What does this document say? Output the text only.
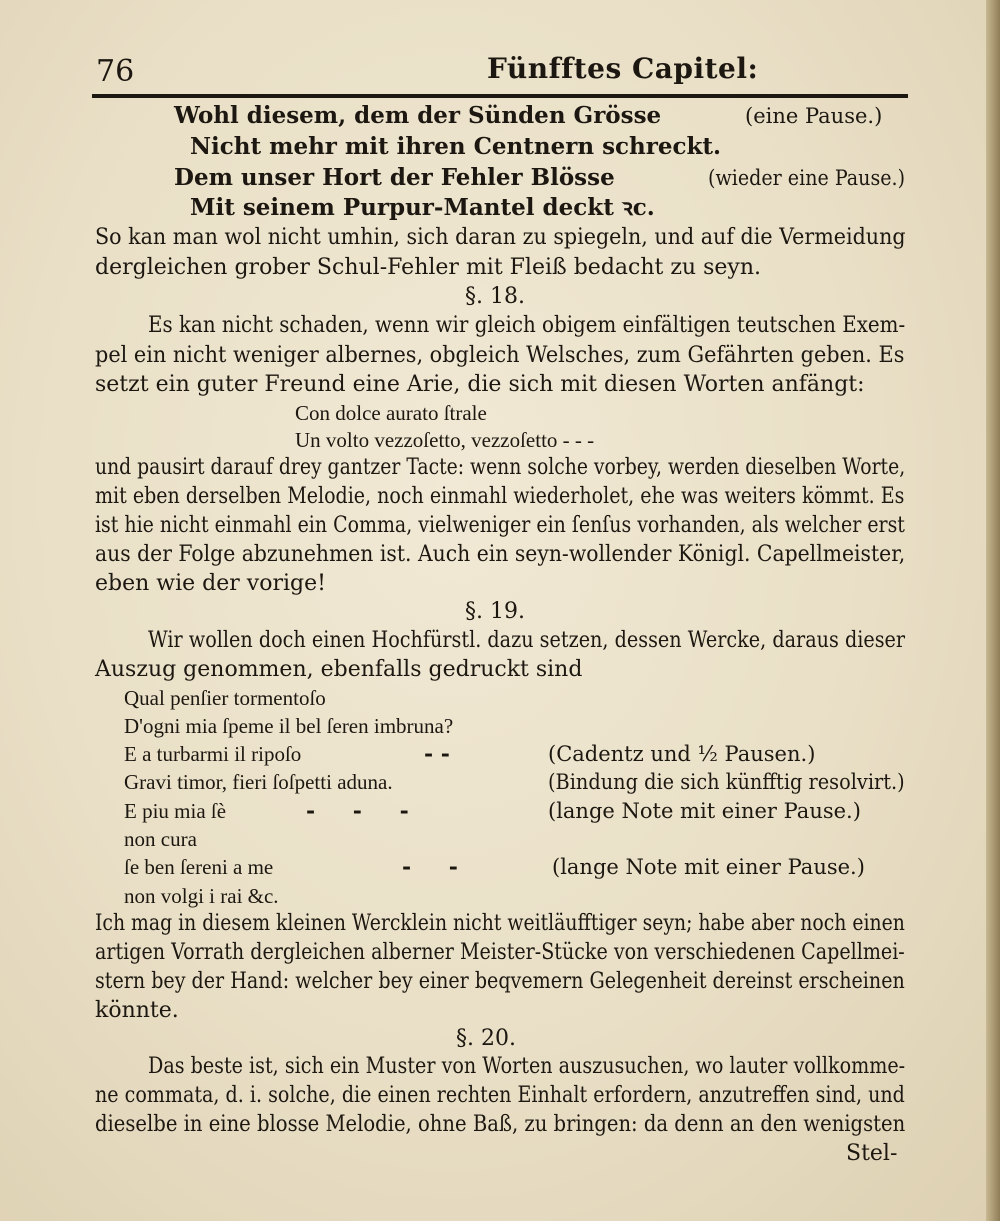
76	Fünfftes Capitel:
Wohl diesem, dem der Sünden Grösse	(eine Pause.)
Nicht mehr mit ihren Centnern schreckt.
Dem unser Hort der Fehler Blösse	(wieder eine Pause.)
Mit seinem Purpur-Mantel deckt ꝛc.
So kan man wol nicht umhin, sich daran zu spiegeln, und auf die Vermeidung
dergleichen grober Schul-Fehler mit Fleiß bedacht zu seyn.
§. 18.
Es kan nicht schaden, wenn wir gleich obigem einfältigen teutschen Exem-
pel ein nicht weniger albernes, obgleich Welsches, zum Gefährten geben. Es
setzt ein guter Freund eine Arie, die sich mit diesen Worten anfängt:
Con dolce aurato ſtrale
Un volto vezzoſetto, vezzoſetto - - -
und pausirt darauf drey gantzer Tacte: wenn solche vorbey, werden dieselben Worte,
mit eben derselben Melodie, noch einmahl wiederholet, ehe was weiters kömmt. Es
ist hie nicht einmahl ein Comma, vielweniger ein ſenſus vorhanden, als welcher erst
aus der Folge abzunehmen ist. Auch ein seyn-wollender Königl. Capellmeister,
eben wie der vorige!
§. 19.
Wir wollen doch einen Hochfürstl. dazu setzen, dessen Wercke, daraus dieser
Auszug genommen, ebenfalls gedruckt sind
Qual penſier tormentoſo
D'ogni mia ſpeme il bel ſeren imbruna?
E a turbarmi il ripoſo	- -	(Cadentz und ½ Pausen.)
Gravi timor, fieri ſoſpetti aduna.	(Bindung die sich künfftig resolvirt.)
E piu mia ſè	- - -	(lange Note mit einer Pause.)
non cura
ſe ben ſereni a me	- -	(lange Note mit einer Pause.)
non volgi i rai &c.
Ich mag in diesem kleinen Wercklein nicht weitläufftiger seyn; habe aber noch einen
artigen Vorrath dergleichen alberner Meister-Stücke von verschiedenen Capellmei-
stern bey der Hand: welcher bey einer beqvemern Gelegenheit dereinst erscheinen
könnte.
§. 20.
Das beste ist, sich ein Muster von Worten auszusuchen, wo lauter vollkomme-
ne commata, d. i. solche, die einen rechten Einhalt erfordern, anzutreffen sind, und
dieselbe in eine blosse Melodie, ohne Baß, zu bringen: da denn an den wenigsten
Stel-
